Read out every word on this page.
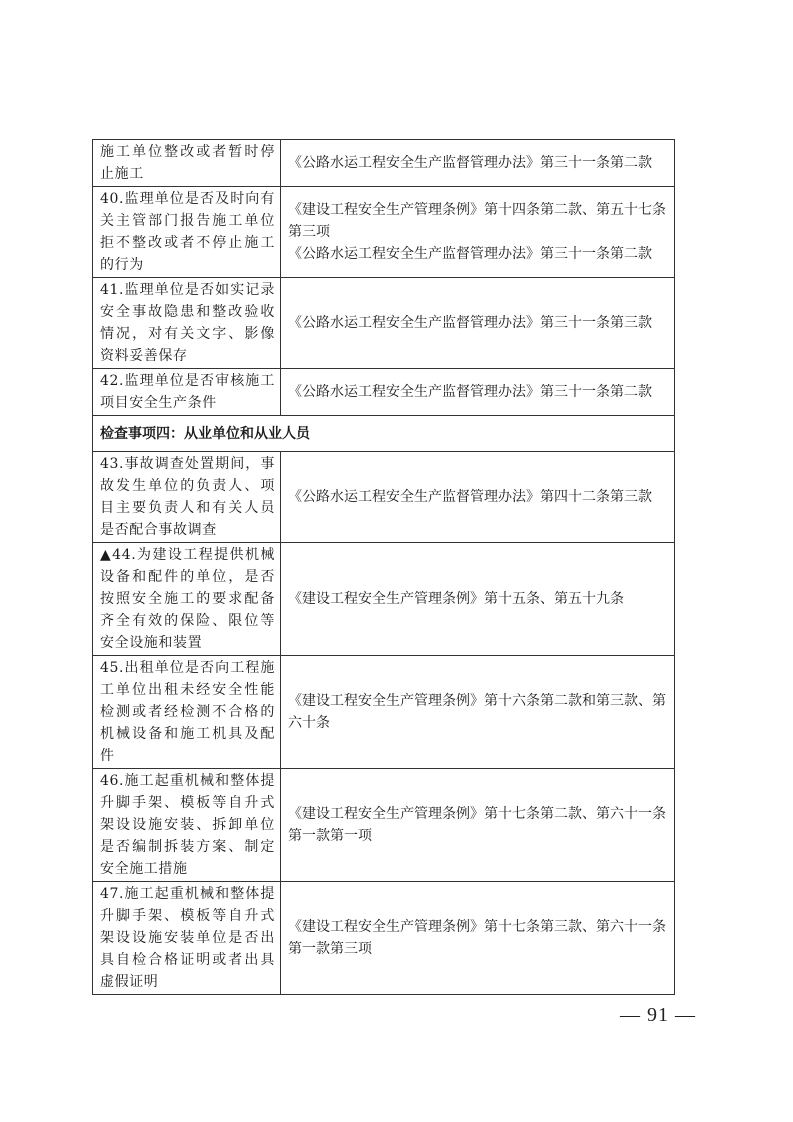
施工单位整改或者暂时停止施工	《公路水运工程安全生产监督管理办法》第三十一条第二款

40.监理单位是否及时向有关主管部门报告施工单位拒不整改或者不停止施工的行为	《建设工程安全生产管理条例》第十四条第二款、第五十七条第三项
《公路水运工程安全生产监督管理办法》第三十一条第二款

41.监理单位是否如实记录安全事故隐患和整改验收情况，对有关文字、影像资料妥善保存	《公路水运工程安全生产监督管理办法》第三十一条第三款

42.监理单位是否审核施工项目安全生产条件	《公路水运工程安全生产监督管理办法》第三十一条第二款

检查事项四：从业单位和从业人员	
43.事故调查处置期间，事故发生单位的负责人、项目主要负责人和有关人员是否配合事故调查	《公路水运工程安全生产监督管理办法》第四十二条第三款

▲44.为建设工程提供机械设备和配件的单位，是否按照安全施工的要求配备齐全有效的保险、限位等安全设施和装置	《建设工程安全生产管理条例》第十五条、第五十九条

45.出租单位是否向工程施工单位出租未经安全性能检测或者经检测不合格的机械设备和施工机具及配件	《建设工程安全生产管理条例》第十六条第二款和第三款、第六十条

46.施工起重机械和整体提升脚手架、模板等自升式架设设施安装、拆卸单位是否编制拆装方案、制定安全施工措施	《建设工程安全生产管理条例》第十七条第二款、第六十一条第一款第一项

47.施工起重机械和整体提升脚手架、模板等自升式架设设施安装单位是否出具自检合格证明或者出具虚假证明	《建设工程安全生产管理条例》第十七条第三款、第六十一条第一款第三项
— 91 —
